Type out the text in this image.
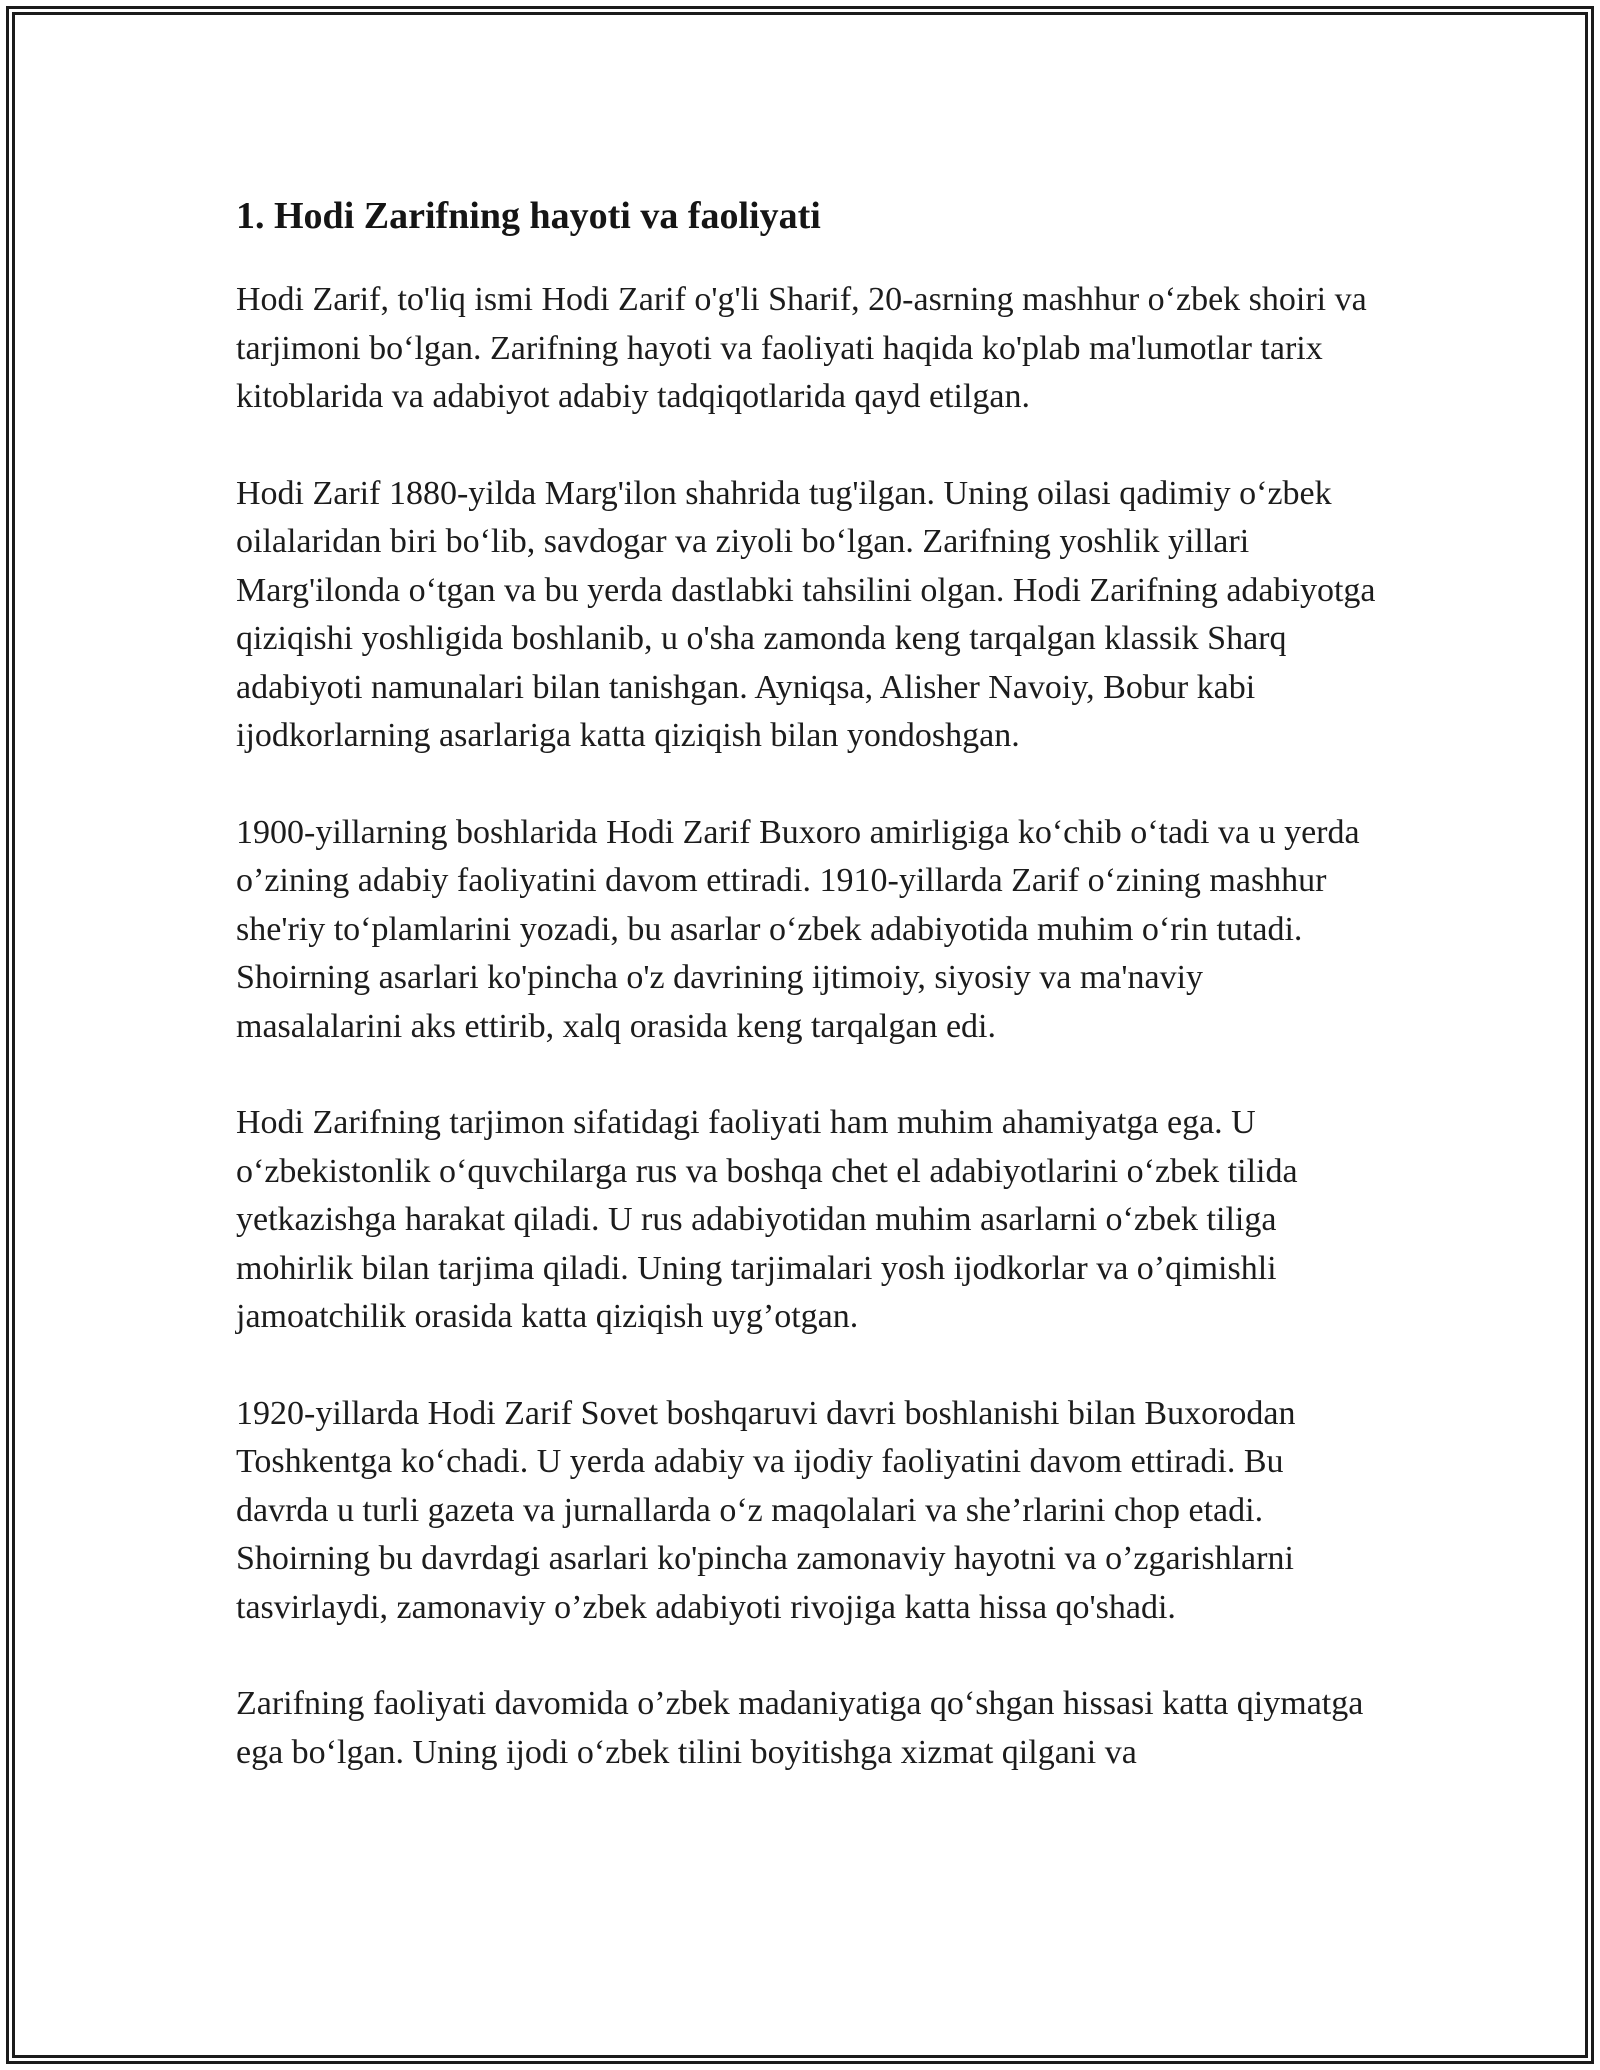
1. Hodi Zarifning hayoti va faoliyati

Hodi Zarif, to'liq ismi Hodi Zarif o'g'li Sharif, 20-asrning mashhur o‘zbek shoiri va tarjimoni bo‘lgan. Zarifning hayoti va faoliyati haqida ko'plab ma'lumotlar tarix kitoblarida va adabiyot adabiy tadqiqotlarida qayd etilgan.

Hodi Zarif 1880-yilda Marg'ilon shahrida tug'ilgan. Uning oilasi qadimiy o‘zbek oilalaridan biri bo‘lib, savdogar va ziyoli bo‘lgan. Zarifning yoshlik yillari Marg'ilonda o‘tgan va bu yerda dastlabki tahsilini olgan. Hodi Zarifning adabiyotga qiziqishi yoshligida boshlanib, u o'sha zamonda keng tarqalgan klassik Sharq adabiyoti namunalari bilan tanishgan. Ayniqsa, Alisher Navoiy, Bobur kabi ijodkorlarning asarlariga katta qiziqish bilan yondoshgan.

1900-yillarning boshlarida Hodi Zarif Buxoro amirligiga ko‘chib o‘tadi va u yerda o’zining adabiy faoliyatini davom ettiradi. 1910-yillarda Zarif o‘zining mashhur she'riy to‘plamlarini yozadi, bu asarlar o‘zbek adabiyotida muhim o‘rin tutadi. Shoirning asarlari ko'pincha o'z davrining ijtimoiy, siyosiy va ma'naviy masalalarini aks ettirib, xalq orasida keng tarqalgan edi.

Hodi Zarifning tarjimon sifatidagi faoliyati ham muhim ahamiyatga ega. U o‘zbekistonlik o‘quvchilarga rus va boshqa chet el adabiyotlarini o‘zbek tilida yetkazishga harakat qiladi. U rus adabiyotidan muhim asarlarni o‘zbek tiliga mohirlik bilan tarjima qiladi. Uning tarjimalari yosh ijodkorlar va o’qimishli jamoatchilik orasida katta qiziqish uyg’otgan.

1920-yillarda Hodi Zarif Sovet boshqaruvi davri boshlanishi bilan Buxorodan Toshkentga ko‘chadi. U yerda adabiy va ijodiy faoliyatini davom ettiradi. Bu davrda u turli gazeta va jurnallarda o‘z maqolalari va she’rlarini chop etadi. Shoirning bu davrdagi asarlari ko'pincha zamonaviy hayotni va o’zgarishlarni tasvirlaydi, zamonaviy o’zbek adabiyoti rivojiga katta hissa qo'shadi.

Zarifning faoliyati davomida o’zbek madaniyatiga qo‘shgan hissasi katta qiymatga ega bo‘lgan. Uning ijodi o‘zbek tilini boyitishga xizmat qilgani va
